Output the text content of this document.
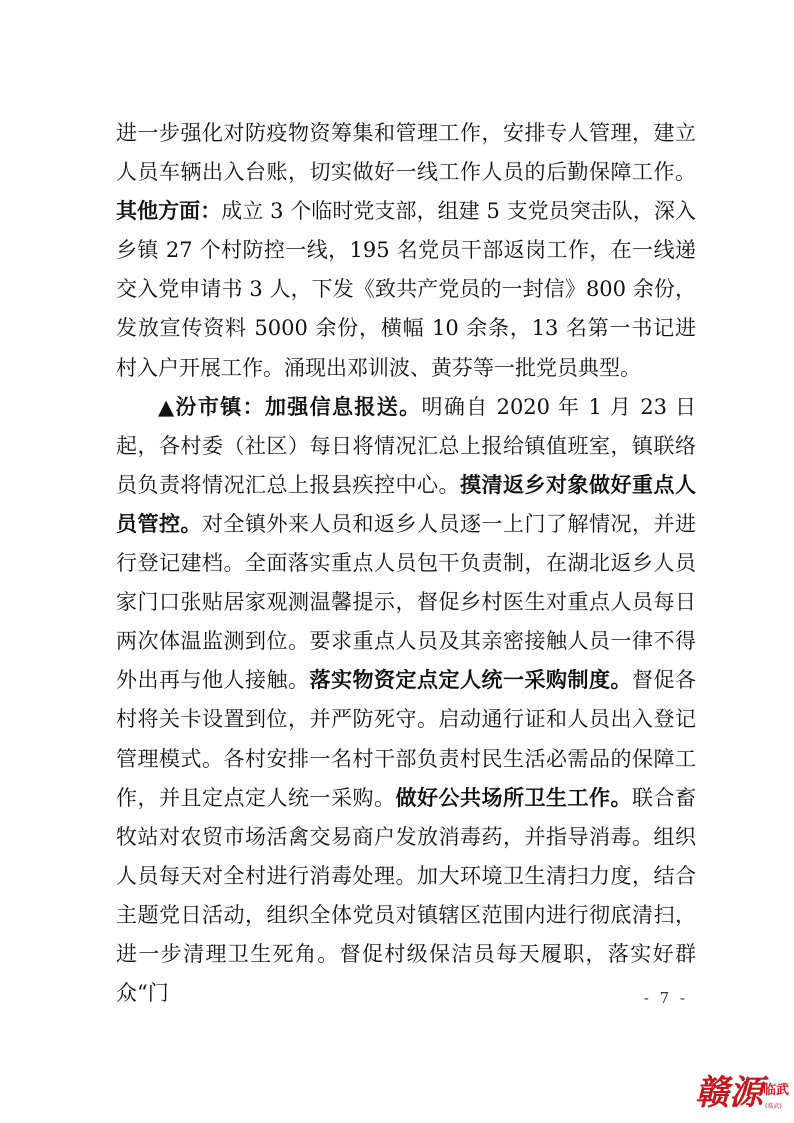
进一步强化对防疫物资筹集和管理工作，安排专人管理，建立人员车辆出入台账，切实做好一线工作人员的后勤保障工作。其他方面：成立 3 个临时党支部，组建 5 支党员突击队，深入乡镇 27 个村防控一线，195 名党员干部返岗工作，在一线递交入党申请书 3 人，下发《致共产党员的一封信》800 余份，发放宣传资料 5000 余份，横幅 10 余条，13 名第一书记进村入户开展工作。涌现出邓训波、黄芬等一批党员典型。

▲汾市镇：加强信息报送。明确自 2020 年 1 月 23 日起，各村委（社区）每日将情况汇总上报给镇值班室，镇联络员负责将情况汇总上报县疾控中心。摸清返乡对象做好重点人员管控。对全镇外来人员和返乡人员逐一上门了解情况，并进行登记建档。全面落实重点人员包干负责制，在湖北返乡人员家门口张贴居家观测温馨提示，督促乡村医生对重点人员每日两次体温监测到位。要求重点人员及其亲密接触人员一律不得外出再与他人接触。落实物资定点定人统一采购制度。督促各村将关卡设置到位，并严防死守。启动通行证和人员出入登记管理模式。各村安排一名村干部负责村民生活必需品的保障工作，并且定点定人统一采购。做好公共场所卫生工作。联合畜牧站对农贸市场活禽交易商户发放消毒药，并指导消毒。组织人员每天对全村进行消毒处理。加大环境卫生清扫力度，结合主题党日活动，组织全体党员对镇辖区范围内进行彻底清扫，进一步清理卫生死角。督促村级保洁员每天履职，落实好群众“门	- 7 -
赣源 临武
(临武)
